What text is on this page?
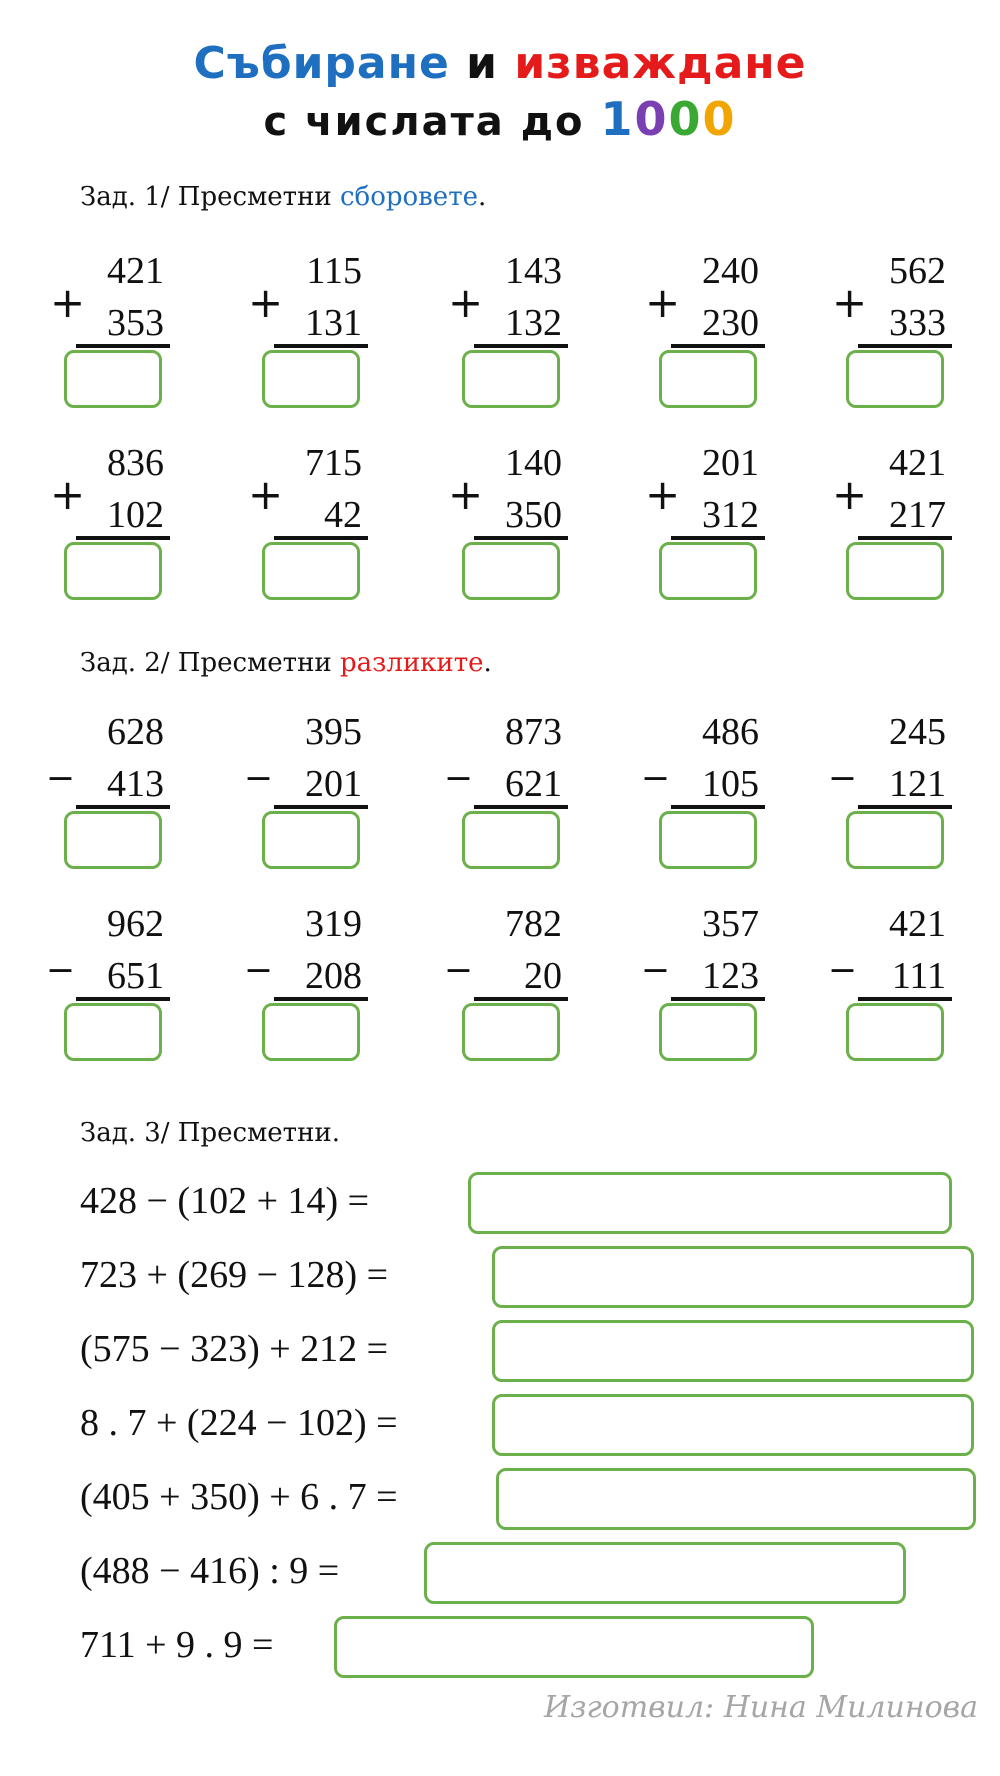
Събиране и изваждане
с числата до 1000
Зад. 1/ Пресметни сборовете.
+
421
353 +
115
131 +
143
132 +
240
230 +
562
333
+
836
102 +
715
42 +
140
350 +
201
312 +
421
217
Зад. 2/ Пресметни разликите.
_ 628
413
_ 395
201
_ 873
621
_ 486
105
_ 245
121
_ 962
651
_ 319
208
_ 782
20
_ 357
123
_ 421
111
Зад. 3/ Пресметни.
428 − (102 + 14) =
723 + (269 − 128) =
(575 − 323) + 212 =
8 . 7 + (224 − 102) =
(405 + 350) + 6 . 7 =
(488 − 416) : 9 =
711 + 9 . 9 =
Изготвил: Нина Милинова
